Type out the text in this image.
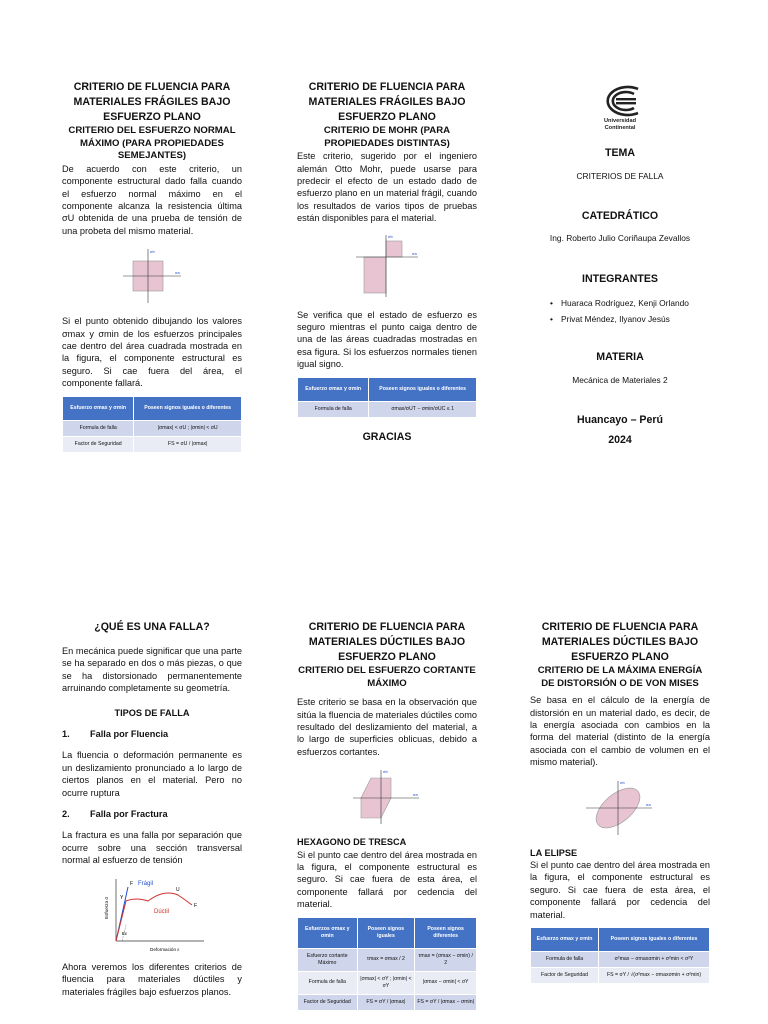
CRITERIO DE FLUENCIA PARA MATERIALES FRÁGILES BAJO ESFUERZO PLANO
CRITERIO DEL ESFUERZO NORMAL MÁXIMO (PARA PROPIEDADES SEMEJANTES)
De acuerdo con este criterio, un componente estructural dado falla cuando el esfuerzo normal máximo en el componente alcanza la resistencia última σU obtenida de una prueba de tensión de una probeta del mismo material.
σb
σa
Si el punto obtenido dibujando los valores σmax y σmin de los esfuerzos principales cae dentro del área cuadrada mostrada en la figura, el componente estructural es seguro. Si cae fuera del área, el componente fallará.
Esfuerzo σmax y σmin	Poseen signos iguales o diferentes
Formula de falla	|σmax| < σU ; |σmin| < σU
Factor de Seguridad	FS = σU / |σmax|
CRITERIO DE FLUENCIA PARA MATERIALES FRÁGILES BAJO ESFUERZO PLANO
CRITERIO DE MOHR (PARA PROPIEDADES DISTINTAS)
Este criterio, sugerido por el ingeniero alemán Otto Mohr, puede usarse para predecir el efecto de un estado dado de esfuerzo plano en un material frágil, cuando los resultados de varios tipos de pruebas están disponibles para el material.
σb
σa
Se verifica que el estado de esfuerzo es seguro mientras el punto caiga dentro de una de las áreas cuadradas mostradas en esa figura. Si los esfuerzos normales tienen igual signo.
Esfuerzo σmax y σmin	Poseen signos iguales o diferentes
Formula de falla	σmax/σUT − σmin/σUC ≤ 1
GRACIAS
Universidad Continental
TEMA
CRITERIOS DE FALLA
CATEDRÁTICO
Ing. Roberto Julio Coriñaupa Zevallos
INTEGRANTES
• Huaraca Rodríguez, Kenji Orlando
• Privat Méndez, Ilyanov Jesús
MATERIA
Mecánica de Materiales 2
Huancayo – Perú
2024
¿QUÉ ES UNA FALLA?
En mecánica puede significar que una parte se ha separado en dos o más piezas, o que se ha distorsionado permanentemente arruinando completamente su geometría.
TIPOS DE FALLA
1.	Falla por Fluencia
La fluencia o deformación permanente es un deslizamiento pronunciado a lo largo de ciertos planos en el material. Pero no ocurre ruptura
2.	Falla por Fractura
La fractura es una falla por separación que ocurre sobre una sección transversal normal al esfuerzo de tensión
Esfuerzo σ
Deformación ε
Frágil
Dúctil
Y
F
U
F
Eε
Ahora veremos los diferentes criterios de fluencia para materiales dúctiles y materiales frágiles bajo esfuerzos planos.
CRITERIO DE FLUENCIA PARA MATERIALES DÚCTILES BAJO ESFUERZO PLANO
CRITERIO DEL ESFUERZO CORTANTE MÁXIMO
Este criterio se basa en la observación que sitúa la fluencia de materiales dúctiles como resultado del deslizamiento del material, a lo largo de superficies oblicuas, debido a esfuerzos cortantes.
σb
σa
HEXAGONO DE TRESCA
Si el punto cae dentro del área mostrada en la figura, el componente estructural es seguro. Si cae fuera de esta área, el componente fallará por cedencia del material.
Esfuerzos σmax y σmin	Poseen signos iguales	Poseen signos diferentes
Esfuerzo cortante Máximo	τmax = σmax / 2	τmax = (σmax − σmin) / 2
Formula de falla	|σmax| < σY ; |σmin| < σY	|σmax − σmin| < σY
Factor de Seguridad	FS = σY / |σmax|	FS = σY / |σmax − σmin|
CRITERIO DE FLUENCIA PARA MATERIALES DÚCTILES BAJO ESFUERZO PLANO
CRITERIO DE LA MÁXIMA ENERGÍA DE DISTORSIÓN O DE VON MISES
Se basa en el cálculo de la energía de distorsión en un material dado, es decir, de la energía asociada con cambios en la forma del material (distinto de la energía asociada con el cambio de volumen en el mismo material).
σb
σa
LA ELIPSE
Si el punto cae dentro del área mostrada en la figura, el componente estructural es seguro. Si cae fuera de esta área, el componente fallará por cedencia del material.
Esfuerzo σmax y σmin	Poseen signos iguales o diferentes
Formula de falla	σ²max − σmaxσmin + σ²min < σ²Y
Factor de Seguridad	FS = σY / √(σ²max − σmaxσmin + σ²min)
